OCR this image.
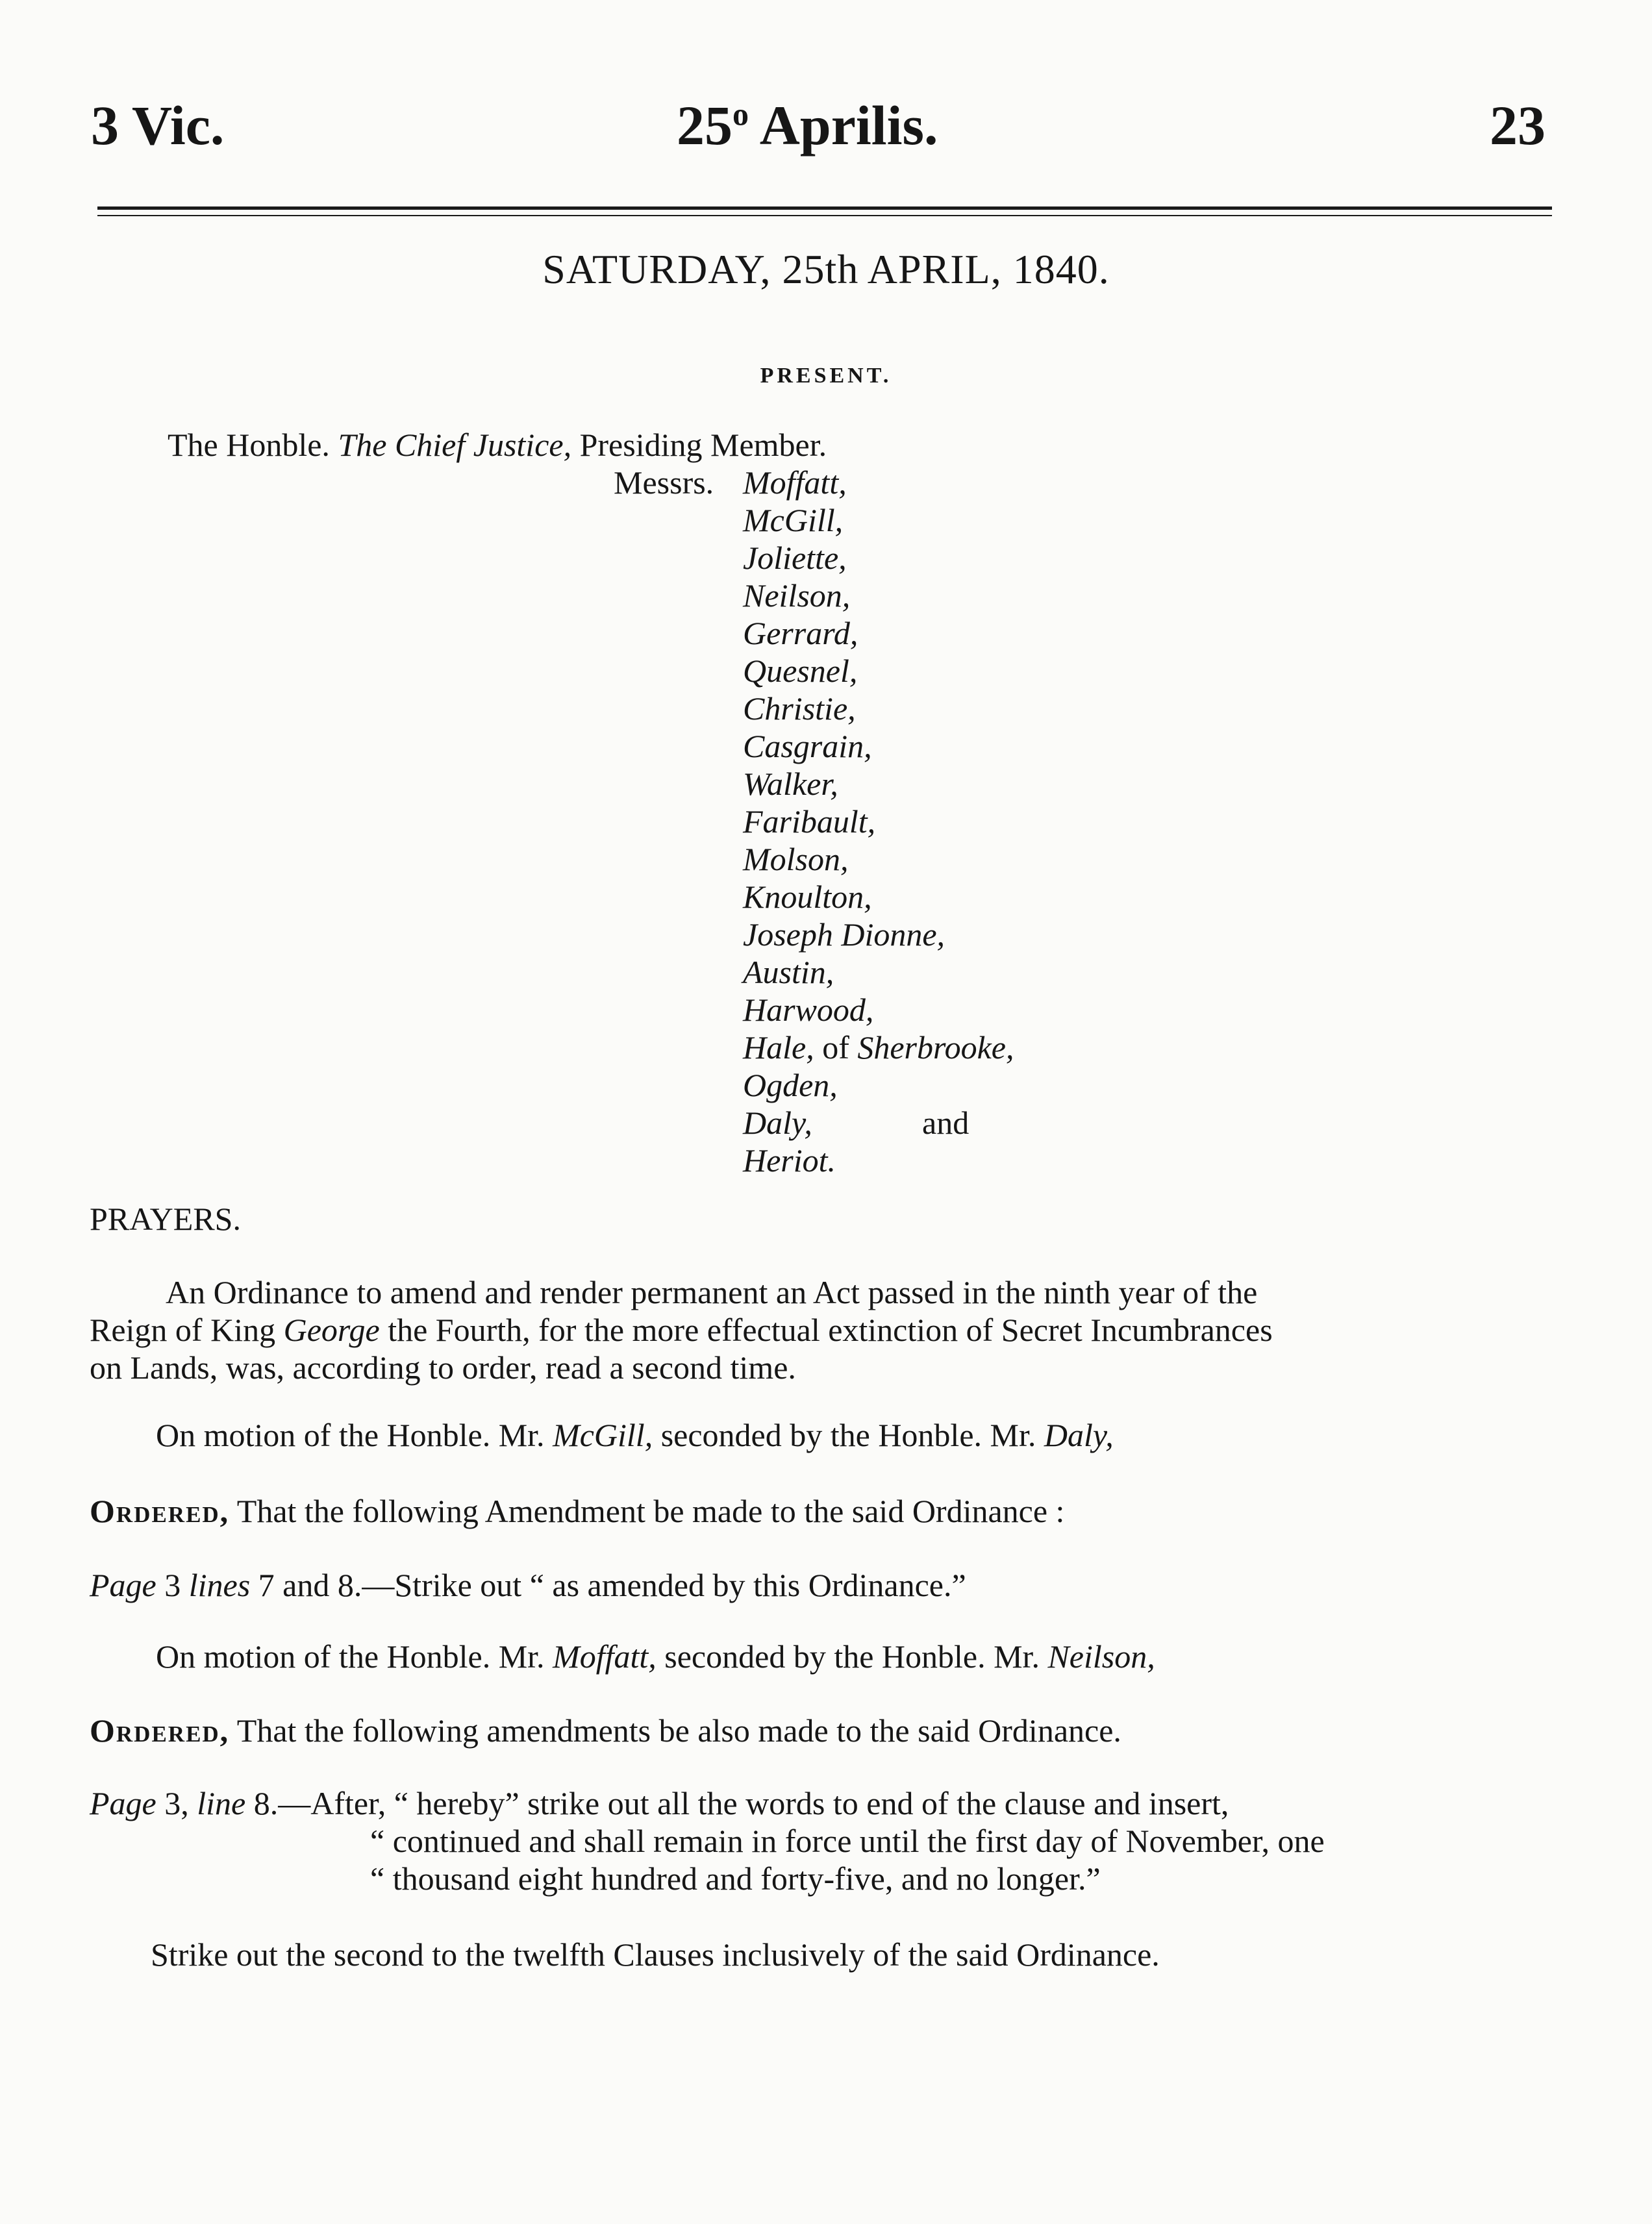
3 Vic.	25$^o$ Aprilis.	23
SATURDAY, 25th APRIL, 1840.
PRESENT.
The Honble. The Chief Justice, Presiding Member.
Messrs. Moffatt,
McGill,
Joliette,
Neilson,
Gerrard,
Quesnel,
Christie,
Casgrain,
Walker,
Faribault,
Molson,
Knoulton,
Joseph Dionne,
Austin,
Harwood,
Hale, of Sherbrooke,
Ogden,
Daly,	and
Heriot.
PRAYERS.
An Ordinance to amend and render permanent an Act passed in the ninth year of the
Reign of King George the Fourth, for the more effectual extinction of Secret Incumbrances
on Lands, was, according to order, read a second time.
On motion of the Honble. Mr. McGill, seconded by the Honble. Mr. Daly,
Ordered, That the following Amendment be made to the said Ordinance :
Page 3 lines 7 and 8.—Strike out “ as amended by this Ordinance.”
On motion of the Honble. Mr. Moffatt, seconded by the Honble. Mr. Neilson,
Ordered, That the following amendments be also made to the said Ordinance.
Page 3, line 8.—After, “ hereby” strike out all the words to end of the clause and insert,
“ continued and shall remain in force until the first day of November, one
“ thousand eight hundred and forty-five, and no longer.”
Strike out the second to the twelfth Clauses inclusively of the said Ordinance.
